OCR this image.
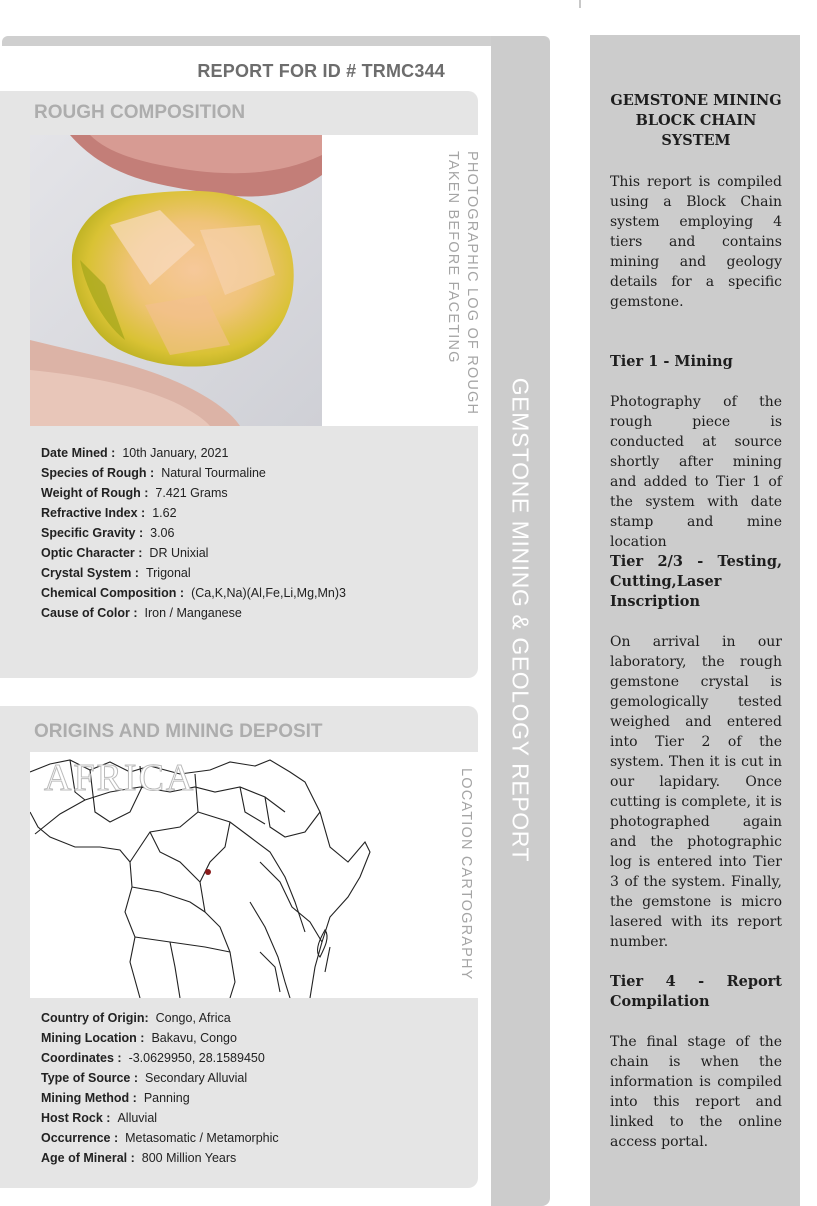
REPORT FOR ID # TRMC344
GEMSTONE MINING & GEOLOGY REPORT
ROUGH COMPOSITION
PHOTOGRAPHIC LOG OF ROUGH
TAKEN BEFORE FACETING
Date Mined : 10th January, 2021
Species of Rough : Natural Tourmaline
Weight of Rough : 7.421 Grams
Refractive Index : 1.62
Specific Gravity : 3.06
Optic Character : DR Unixial
Crystal System : Trigonal
Chemical Composition : (Ca,K,Na)(Al,Fe,Li,Mg,Mn)3
Cause of Color : Iron / Manganese
ORIGINS AND MINING DEPOSIT
AFRICA	LOCATION CARTOGRAPHY
Country of Origin: Congo, Africa
Mining Location : Bakavu, Congo
Coordinates : -3.0629950, 28.1589450
Type of Source : Secondary Alluvial
Mining Method : Panning
Host Rock : Alluvial
Occurrence : Metasomatic / Metamorphic
Age of Mineral : 800 Million Years
GEMSTONE MINING BLOCK CHAIN SYSTEM
This report is compiled using a Block Chain system employing 4 tiers and contains mining and geology details for a specific gemstone.
Tier 1 - Mining
Photography of the rough piece is conducted at source shortly after mining and added to Tier 1 of the system with date stamp and mine location
Tier 2/3 - Testing, Cutting,Laser Inscription
On arrival in our laboratory, the rough gemstone crystal is gemologically tested weighed and entered into Tier 2 of the system. Then it is cut in our lapidary. Once cutting is complete, it is photographed again and the photographic log is entered into Tier 3 of the system. Finally, the gemstone is micro lasered with its report number.
Tier 4 - Report Compilation
The final stage of the chain is when the information is compiled into this report and linked to the online access portal.
